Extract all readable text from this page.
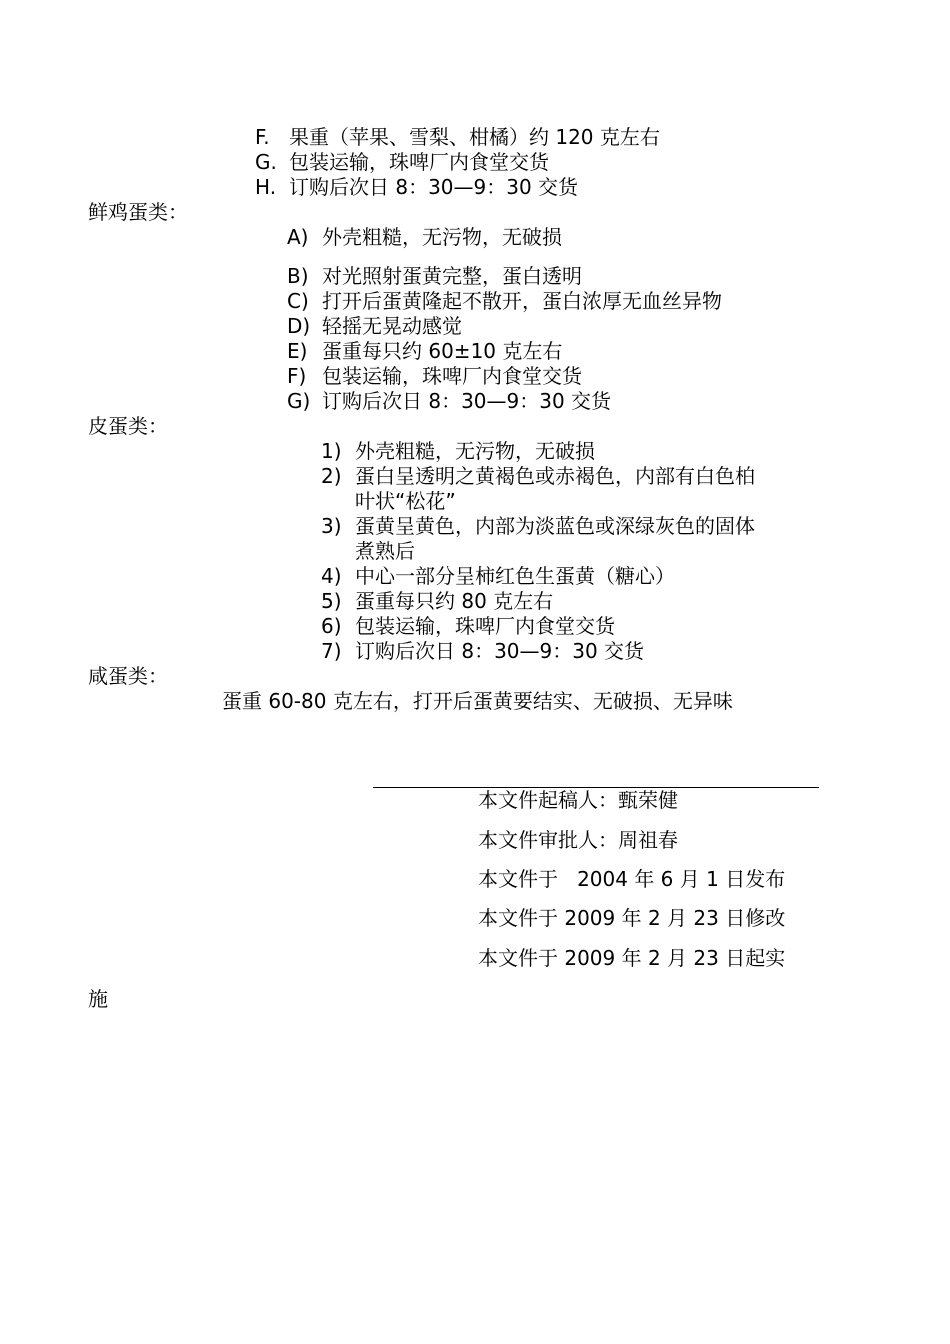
F. 果重（苹果、雪梨、柑橘）约 120 克左右
G. 包装运输，珠啤厂内食堂交货
H. 订购后次日 8：30—9：30 交货
鲜鸡蛋类：
A) 外壳粗糙，无污物，无破损
B) 对光照射蛋黄完整，蛋白透明
C) 打开后蛋黄隆起不散开，蛋白浓厚无血丝异物
D) 轻摇无晃动感觉
E) 蛋重每只约 60±10 克左右
F) 包装运输，珠啤厂内食堂交货
G) 订购后次日 8：30—9：30 交货
皮蛋类：
1) 外壳粗糙，无污物，无破损
2) 蛋白呈透明之黄褐色或赤褐色，内部有白色柏
叶状“松花”
3) 蛋黄呈黄色，内部为淡蓝色或深绿灰色的固体
煮熟后
4) 中心一部分呈柿红色生蛋黄（糖心）
5) 蛋重每只约 80 克左右
6) 包装运输，珠啤厂内食堂交货
7) 订购后次日 8：30—9：30 交货
咸蛋类：
蛋重 60-80 克左右，打开后蛋黄要结实、无破损、无异味
本文件起稿人：甄荣健
本文件审批人：周祖春
本文件于   2004 年 6 月 1 日发布
本文件于 2009 年 2 月 23 日修改
本文件于 2009 年 2 月 23 日起实
施
